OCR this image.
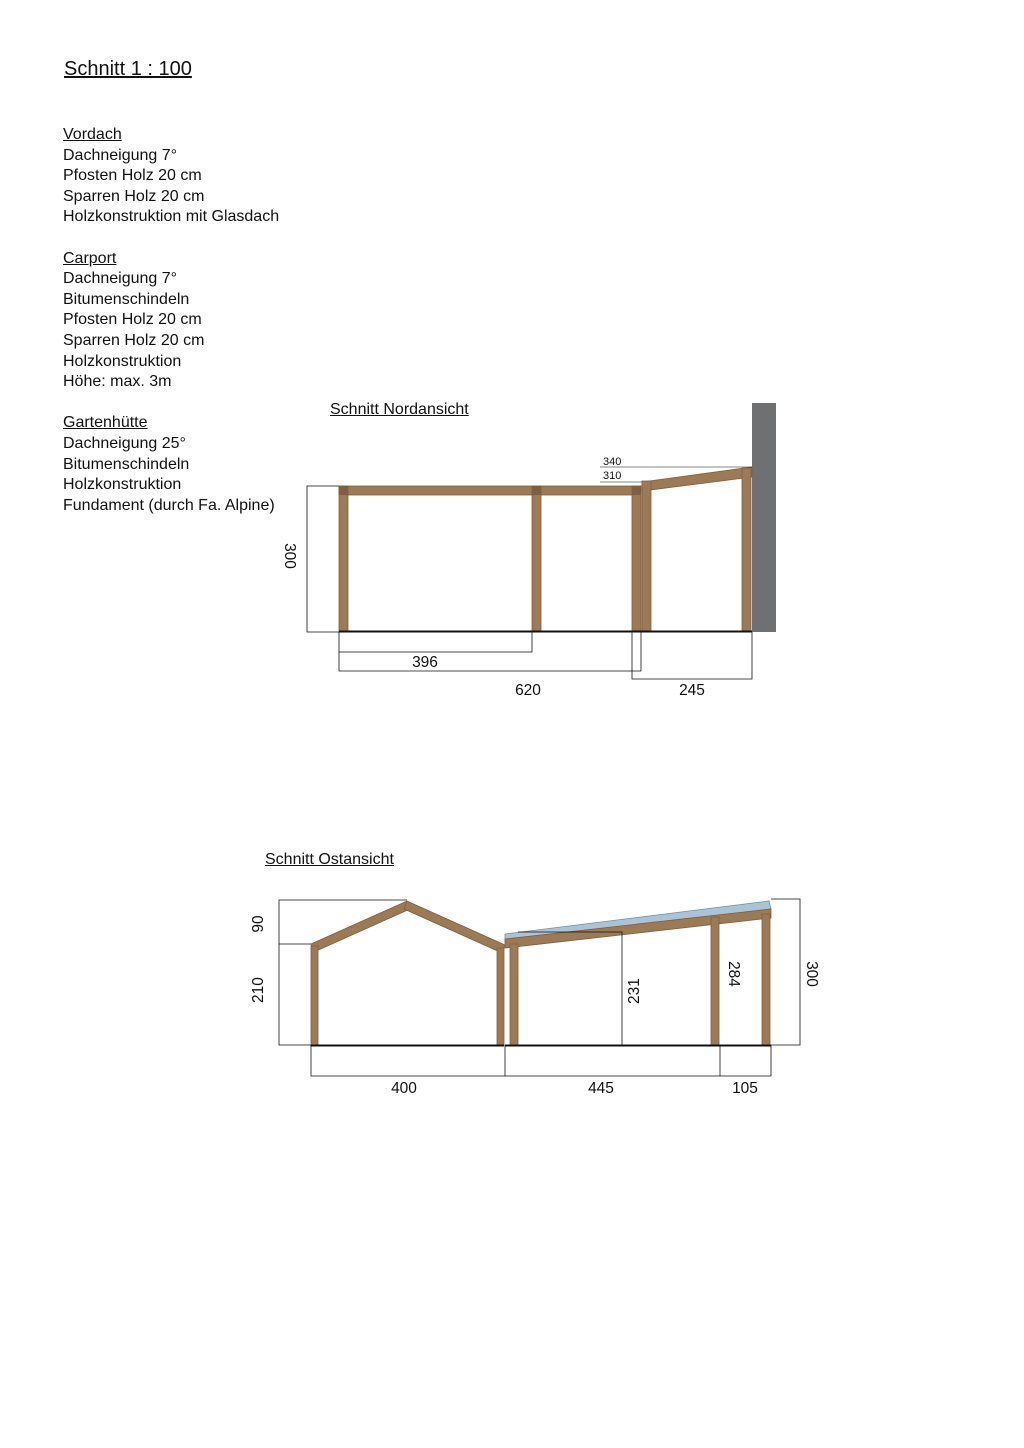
Schnitt 1 : 100
Vordach
Dachneigung 7°
Pfosten Holz 20 cm
Sparren Holz 20 cm
Holzkonstruktion mit Glasdach
Carport
Dachneigung 7°
Bitumenschindeln
Pfosten Holz 20 cm
Sparren Holz 20 cm
Holzkonstruktion
Höhe: max. 3m
Gartenhütte
Dachneigung 25°
Bitumenschindeln
Holzkonstruktion
Fundament (durch Fa. Alpine)
Schnitt Nordansicht
Schnitt Ostansicht
300
396
620	245
340
310
90
210	231
284	300
400	445	105
